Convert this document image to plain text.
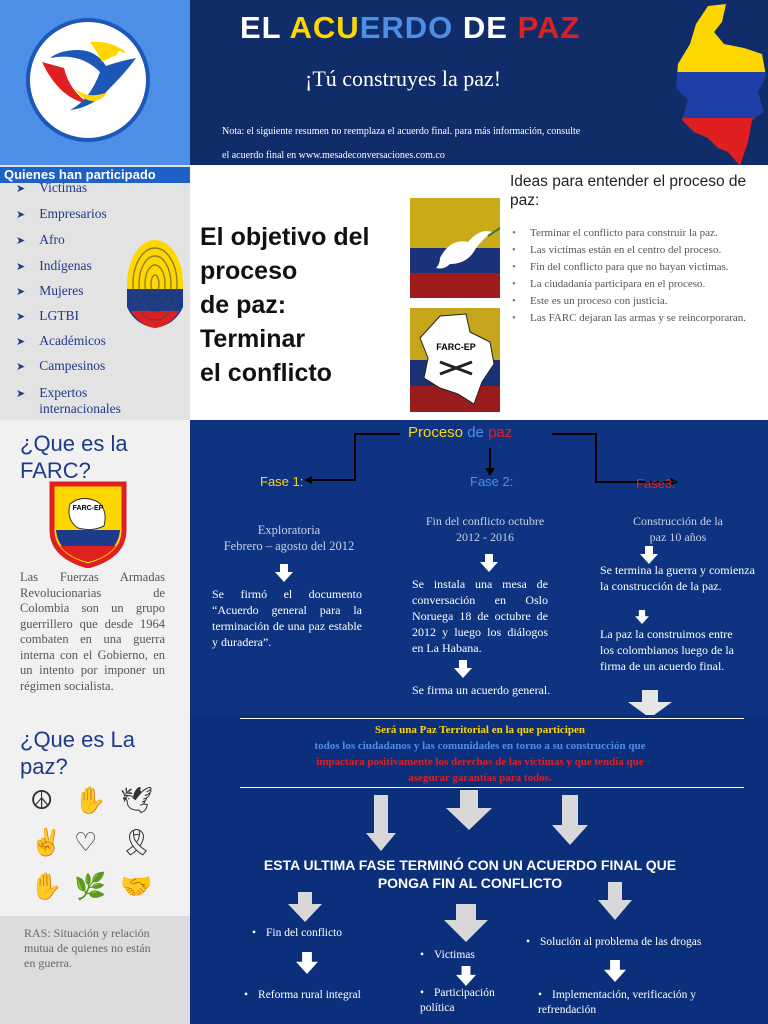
Quienes han participado
➤ Victimas
➤ Empresarios
➤ Afro
➤ Indígenas
➤ Mujeres
➤ LGTBI
➤ Académicos
➤ Campesinos
➤ Expertos internacionales
¿Que es la
FARC?
FARC-EP
Las Fuerzas Armadas Revolucionarias de Colombia son un grupo guerrillero que desde 1964 combaten en una guerra interna con el Gobierno, en un intento por imponer un régimen socialista.
¿Que es La
paz?
☮ ✋ 🕊
✌ ♡ 🎗
✋ 🌿 🤝
RAS: Situación y relación mutua de quienes no están en guerra.
EL ACUERDO DE PAZ
¡Tú construyes la paz!
Nota: el siguiente resumen no reemplaza el acuerdo final. para más información, consulte
el acuerdo final en www.mesadeconversaciones.com.co
El objetivo del
proceso
de paz:
Terminar
el conflicto
FARC-EP
Ideas para entender el proceso de paz:
• Terminar el conflicto para construir la paz.
• Las victimas están en el centro del proceso.
• Fin del conflicto para que no hayan victimas.
• La ciudadanía participara en el proceso.
• Este es un proceso con justicia.
• Las FARC dejaran las armas y se reincorporaran.
Proceso de paz
Fase 1:	Fase 2:	Fase3:
Exploratoria
Febrero – agosto del 2012
Fin del conflicto octubre
2012 - 2016
Construcción de la
paz 10 años
Se firmó el documento “Acuerdo general para la terminación de una paz estable y duradera”.
Se instala una mesa de conversación en Oslo Noruega 18 de octubre de 2012 y luego los diálogos en La Habana.
Se firma un acuerdo general.
Se termina la guerra y comienza la construcción de la paz.
La paz la construimos entre los colombianos luego de la firma de un acuerdo final.
Será una Paz Territorial en la que participen
todos los ciudadanos y las comunidades en torno a su construcción que
impactara positivamente los derechos de las victimas y que tendía que
asegurar garantías para todos.
ESTA ULTIMA FASE TERMINÓ CON UN ACUERDO FINAL QUE
PONGA FIN AL CONFLICTO
• Fin del conflicto
• Reforma rural integral
• Victimas
• Participación política
• Solución al problema de las drogas
• Implementación, verificación y refrendación
